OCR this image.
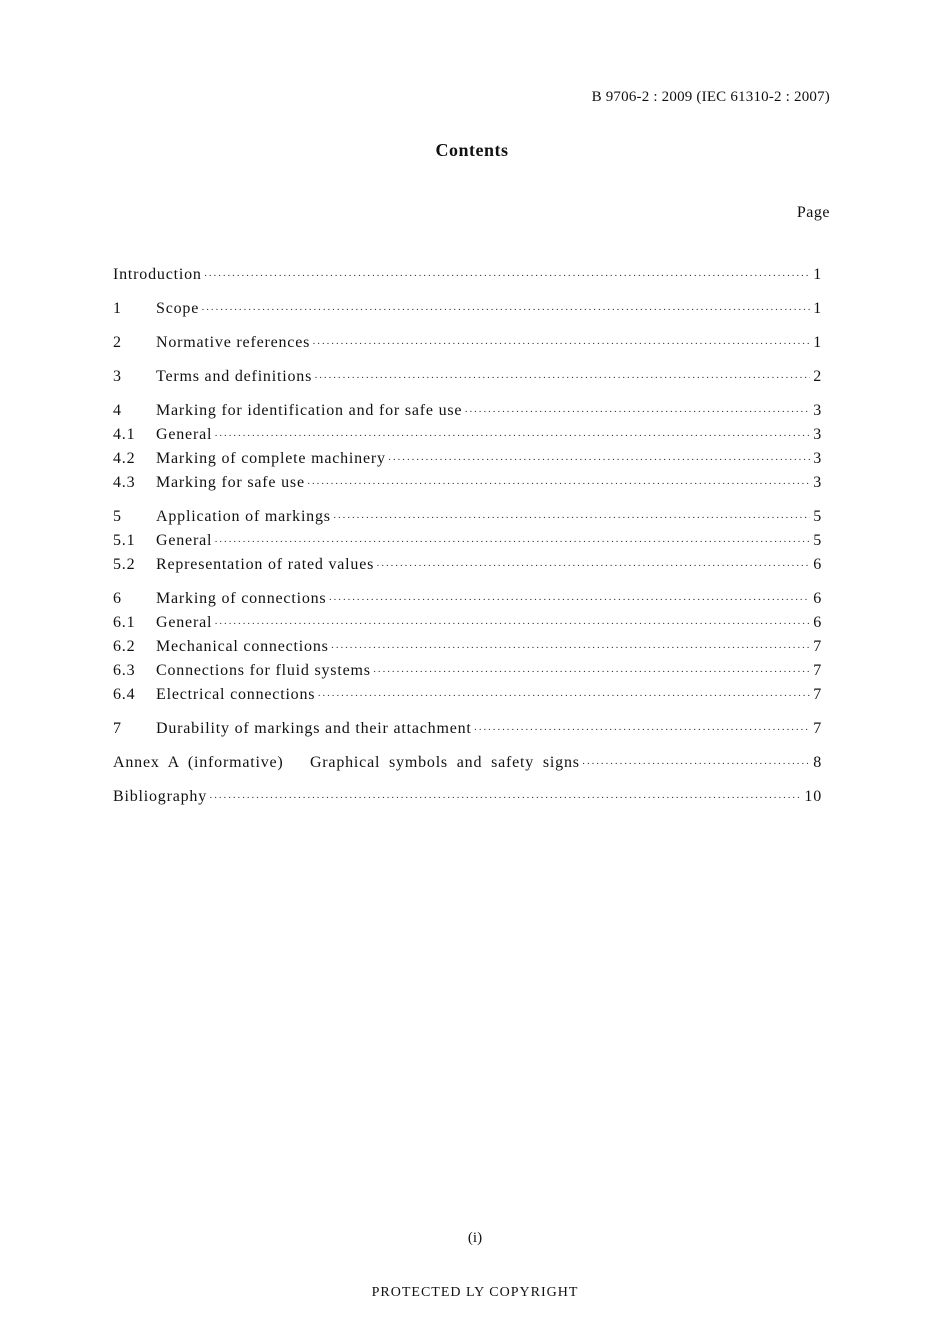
B 9706-2 : 2009 (IEC 61310-2 : 2007)
Contents
Page
Introduction ·····	1
1	Scope ·····	1
2	Normative references ·····	1
3	Terms and definitions ·····	2
4	Marking for identification and for safe use ·····	3
4.1	General ·····	3
4.2	Marking of complete machinery ·····	3
4.3	Marking for safe use ·····	3
5	Application of markings ·····	5
5.1	General ·····	5
5.2	Representation of rated values ·····	6
6	Marking of connections ·····	6
6.1	General ·····	6
6.2	Mechanical connections ·····	7
6.3	Connections for fluid systems ·····	7
6.4	Electrical connections ·····	7
7	Durability of markings and their attachment ·····	7
Annex A (informative)   Graphical symbols and safety signs ·····	8
Bibliography ·····	10
(i)
PROTECTED LY COPYRIGHT
